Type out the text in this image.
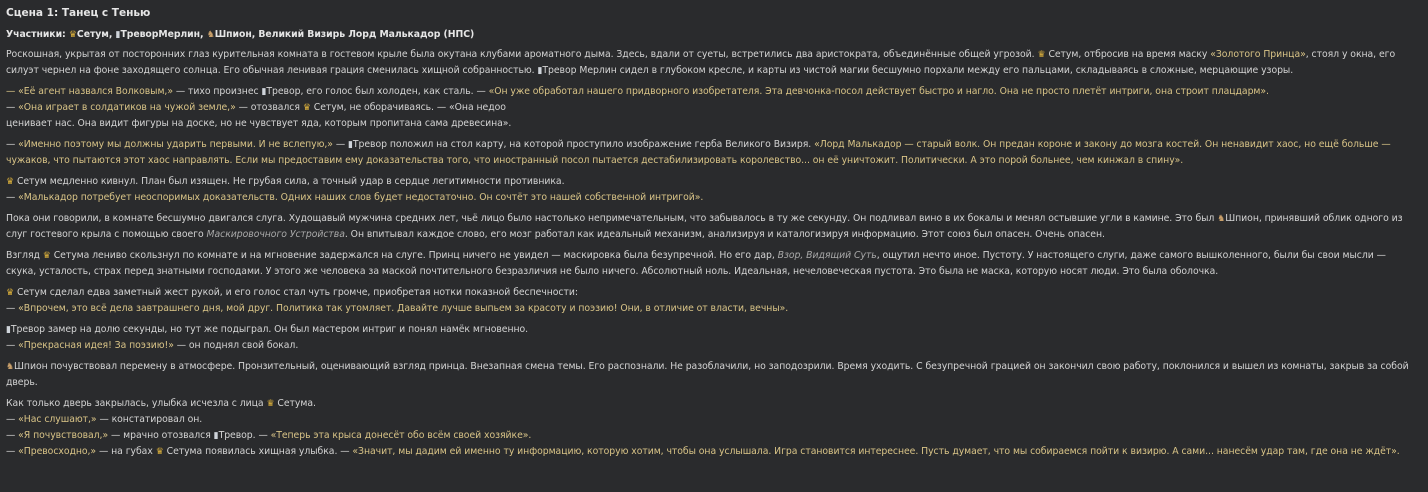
Сцена 1: Танец с Тенью
Участники: ♛Сетум, ▮ТреворМерлин, ♞Шпион, Великий Визирь Лорд Малькадор (НПС)

Роскошная, укрытая от посторонних глаз курительная комната в гостевом крыле была окутана клубами ароматного дыма. Здесь, вдали от суеты, встретились два аристократа, объединённые общей угрозой. ♛ Сетум, отбросив на время маску «Золотого Принца», стоял у окна, его силуэт чернел на фоне заходящего солнца. Его обычная ленивая грация сменилась хищной собранностью. ▮Тревор Мерлин сидел в глубоком кресле, и карты из чистой магии бесшумно порхали между его пальцами, складываясь в сложные, мерцающие узоры.

— «Её агент назвался Волковым,» — тихо произнес ▮Тревор, его голос был холоден, как сталь. — «Он уже обработал нашего придворного изобретателя. Эта девчонка-посол действует быстро и нагло. Она не просто плетёт интриги, она строит плацдарм».
— «Она играет в солдатиков на чужой земле,» — отозвался ♛ Сетум, не оборачиваясь. — «Она недоо
ценивает нас. Она видит фигуры на доске, но не чувствует яда, которым пропитана сама древесина».

— «Именно поэтому мы должны ударить первыми. И не вслепую,» — ▮Тревор положил на стол карту, на которой проступило изображение герба Великого Визиря. «Лорд Малькадор — старый волк. Он предан короне и закону до мозга костей. Он ненавидит хаос, но ещё больше — чужаков, что пытаются этот хаос направлять. Если мы предоставим ему доказательства того, что иностранный посол пытается дестабилизировать королевство... он её уничтожит. Политически. А это порой больнее, чем кинжал в спину».

♛ Сетум медленно кивнул. План был изящен. Не грубая сила, а точный удар в сердце легитимности противника.
— «Малькадор потребует неоспоримых доказательств. Одних наших слов будет недостаточно. Он сочтёт это нашей собственной интригой».

Пока они говорили, в комнате бесшумно двигался слуга. Худощавый мужчина средних лет, чьё лицо было настолько непримечательным, что забывалось в ту же секунду. Он подливал вино в их бокалы и менял остывшие угли в камине. Это был ♞Шпион, принявший облик одного из слуг гостевого крыла с помощью своего Маскировочного Устройства. Он впитывал каждое слово, его мозг работал как идеальный механизм, анализируя и каталогизируя информацию. Этот союз был опасен. Очень опасен.

Взгляд ♛ Сетума лениво скользнул по комнате и на мгновение задержался на слуге. Принц ничего не увидел — маскировка была безупречной. Но его дар, Взор, Видящий Суть, ощутил нечто иное. Пустоту. У настоящего слуги, даже самого вышколенного, были бы свои мысли — скука, усталость, страх перед знатными господами. У этого же человека за маской почтительного безразличия не было ничего. Абсолютный ноль. Идеальная, нечеловеческая пустота. Это была не маска, которую носят люди. Это была оболочка.

♛ Сетум сделал едва заметный жест рукой, и его голос стал чуть громче, приобретая нотки показной беспечности:
— «Впрочем, это всё дела завтрашнего дня, мой друг. Политика так утомляет. Давайте лучше выпьем за красоту и поэзию! Они, в отличие от власти, вечны».

▮Тревор замер на долю секунды, но тут же подыграл. Он был мастером интриг и понял намёк мгновенно.
— «Прекрасная идея! За поэзию!» — он поднял свой бокал.

♞Шпион почувствовал перемену в атмосфере. Пронзительный, оценивающий взгляд принца. Внезапная смена темы. Его распознали. Не разоблачили, но заподозрили. Время уходить. С безупречной грацией он закончил свою работу, поклонился и вышел из комнаты, закрыв за собой дверь.

Как только дверь закрылась, улыбка исчезла с лица ♛ Сетума.
— «Нас слушают,» — констатировал он.
— «Я почувствовал,» — мрачно отозвался ▮Тревор. — «Теперь эта крыса донесёт обо всём своей хозяйке».
— «Превосходно,» — на губах ♛ Сетума появилась хищная улыбка. — «Значит, мы дадим ей именно ту информацию, которую хотим, чтобы она услышала. Игра становится интереснее. Пусть думает, что мы собираемся пойти к визирю. А сами... нанесём удар там, где она не ждёт».
